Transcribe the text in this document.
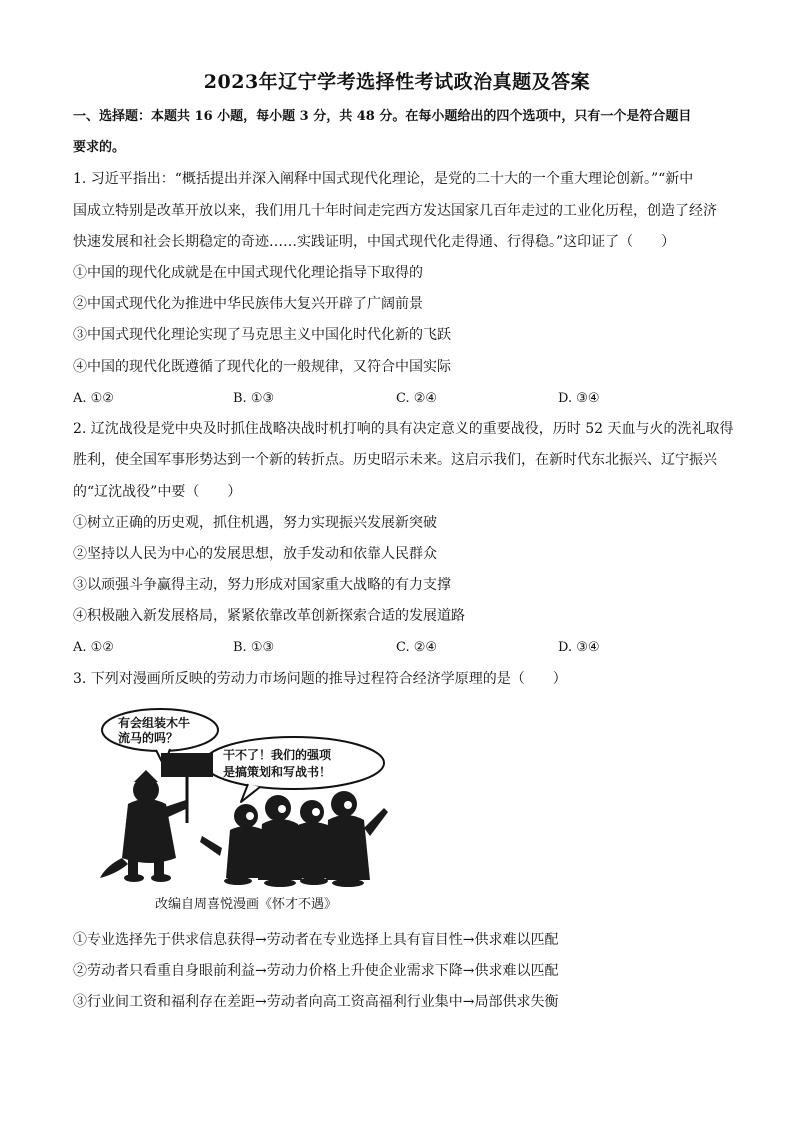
2023年辽宁学考选择性考试政治真题及答案
一、选择题：本题共 16 小题，每小题 3 分，共 48 分。在每小题给出的四个选项中，只有一个是符合题目
要求的。
1. 习近平指出：“概括提出并深入阐释中国式现代化理论，是党的二十大的一个重大理论创新。”“新中
国成立特别是改革开放以来，我们用几十年时间走完西方发达国家几百年走过的工业化历程，创造了经济
快速发展和社会长期稳定的奇迹……实践证明，中国式现代化走得通、行得稳。”这印证了（　　）
①中国的现代化成就是在中国式现代化理论指导下取得的
②中国式现代化为推进中华民族伟大复兴开辟了广阔前景
③中国式现代化理论实现了马克思主义中国化时代化新的飞跃
④中国的现代化既遵循了现代化的一般规律，又符合中国实际
A. ①②	B. ①③	C. ②④	D. ③④
2. 辽沈战役是党中央及时抓住战略决战时机打响的具有决定意义的重要战役，历时 52 天血与火的洗礼取得
胜利，使全国军事形势达到一个新的转折点。历史昭示未来。这启示我们，在新时代东北振兴、辽宁振兴
的“辽沈战役”中要（　　）
①树立正确的历史观，抓住机遇，努力实现振兴发展新突破
②坚持以人民为中心的发展思想，放手发动和依靠人民群众
③以顽强斗争赢得主动，努力形成对国家重大战略的有力支撑
④积极融入新发展格局，紧紧依靠改革创新探索合适的发展道路
A. ①②	B. ①③	C. ②④	D. ③④
3. 下列对漫画所反映的劳动力市场问题的推导过程符合经济学原理的是（　　）
有会组装木牛
流马的吗？
干不了！我们的强项
是搞策划和写战书！
改编自周喜悦漫画《怀才不遇》
①专业选择先于供求信息获得→劳动者在专业选择上具有盲目性→供求难以匹配
②劳动者只看重自身眼前利益→劳动力价格上升使企业需求下降→供求难以匹配
③行业间工资和福利存在差距→劳动者向高工资高福利行业集中→局部供求失衡
